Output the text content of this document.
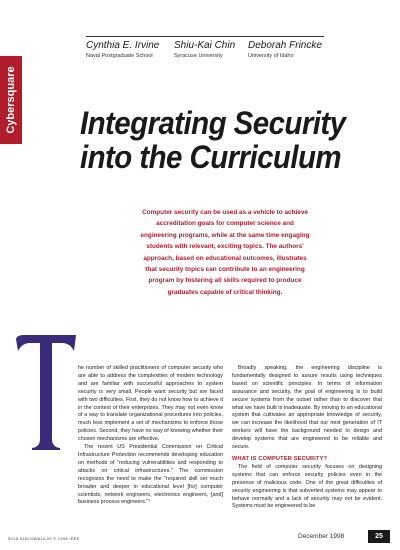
Cybersquare
Cynthia E. Irvine
Naval Postgraduate School
Shiu-Kai Chin
Syracuse University
Deborah Frincke
University of Idaho
Integrating Security
into the Curriculum
Computer security can be used as a vehicle to achieve accreditation goals for computer science and engineering programs, while at the same time engaging students with relevant, exciting topics. The authors' approach, based on educational outcomes, illustrates that security topics can contribute to an engineering program by fostering all skills required to produce graduates capable of critical thinking.

he number of skilled practitioners of computer security who are able to address the complexities of modern technology and are familiar with successful approaches to system security is very small. People want security but are faced with two difficulties. First, they do not know how to achieve it in the context of their enterprises. They may not even know of a way to translate organizational procedures into policies, much less implement a set of mechanisms to enforce those policies. Second, they have no way of knowing whether their chosen mechanisms are effective.

The recent US Presidential Commission on Critical Infrastructure Protection recommends developing education on methods of "reducing vulnerabilities and responding to attacks on critical infrastructures." The commission recognizes the need to make the "required skill set much broader and deeper in educational level [for] computer scientists, network engineers, electronics engineers, [and] business process engineers."¹

Broadly speaking, the engineering discipline is fundamentally designed to assure results using techniques based on scientific principles. In terms of information assurance and security, the goal of engineering is to build secure systems from the outset rather than to discover that what we have built is inadequate. By moving to an educational system that cultivates an appropriate knowledge of security, we can increase the likelihood that our next generation of IT workers will have the background needed to design and develop systems that are engineered to be reliable and secure.

WHAT IS COMPUTER SECURITY?

The field of computer security focuses on designing systems that can enforce security policies even in the presence of malicious code. One of the great difficulties of security engineering is that subverted systems may appear to behave normally and a lack of security may not be evident. Systems must be engineered to be

0018-9162/98/$10.00 © 1998 IEEE	December 1998	25
